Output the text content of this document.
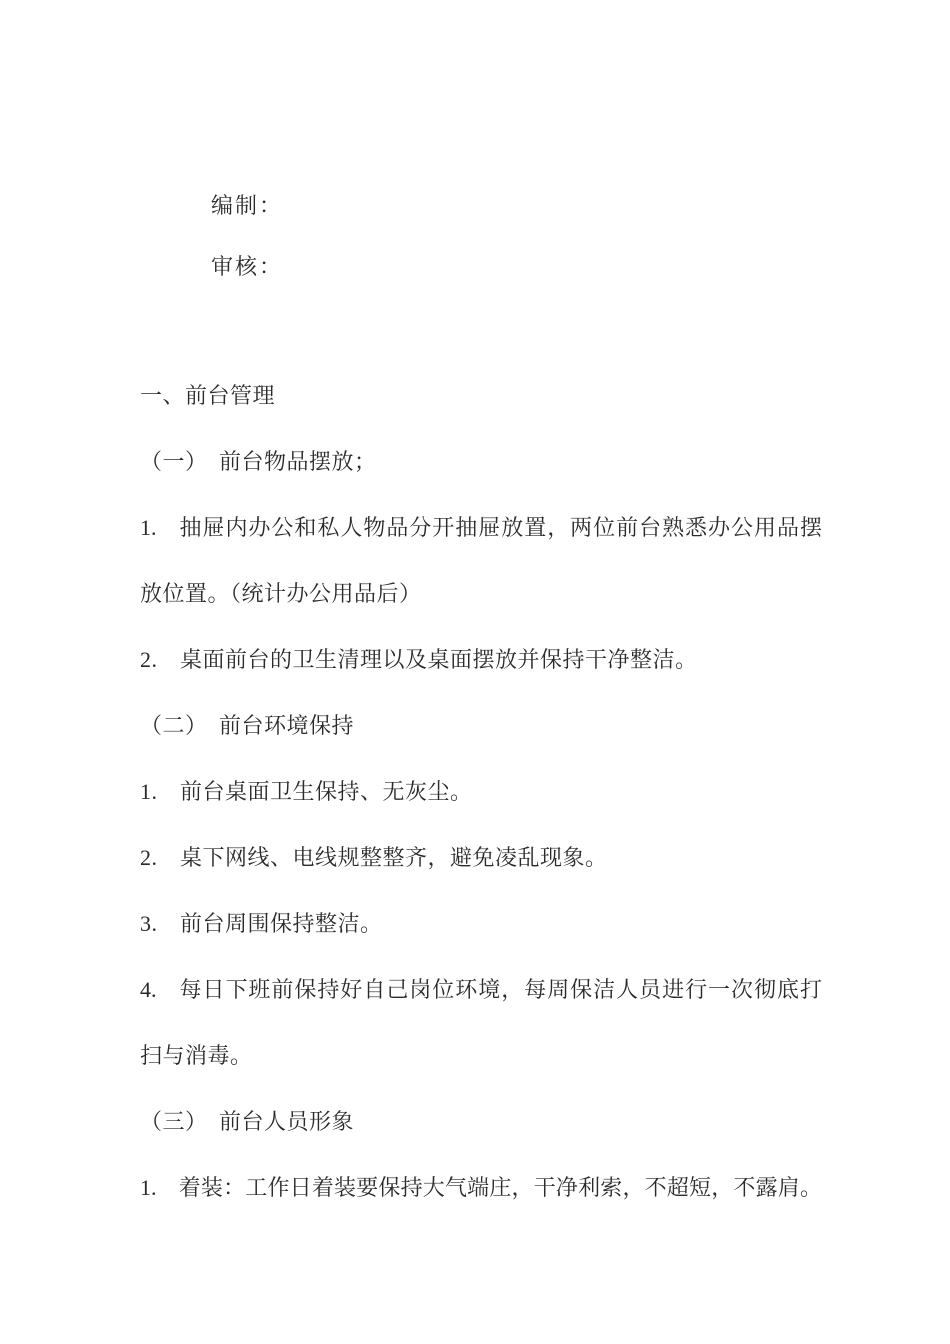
编制：
审核：
一、前台管理
（一） 前台物品摆放；
1. 抽屉内办公和私人物品分开抽屉放置，两位前台熟悉办公用品摆
放位置。（统计办公用品后）
2. 桌面前台的卫生清理以及桌面摆放并保持干净整洁。
（二） 前台环境保持
1. 前台桌面卫生保持、无灰尘。
2. 桌下网线、电线规整整齐，避免凌乱现象。
3. 前台周围保持整洁。
4. 每日下班前保持好自己岗位环境，每周保洁人员进行一次彻底打
扫与消毒。
（三） 前台人员形象
1. 着装：工作日着装要保持大气端庄，干净利索，不超短，不露肩。
